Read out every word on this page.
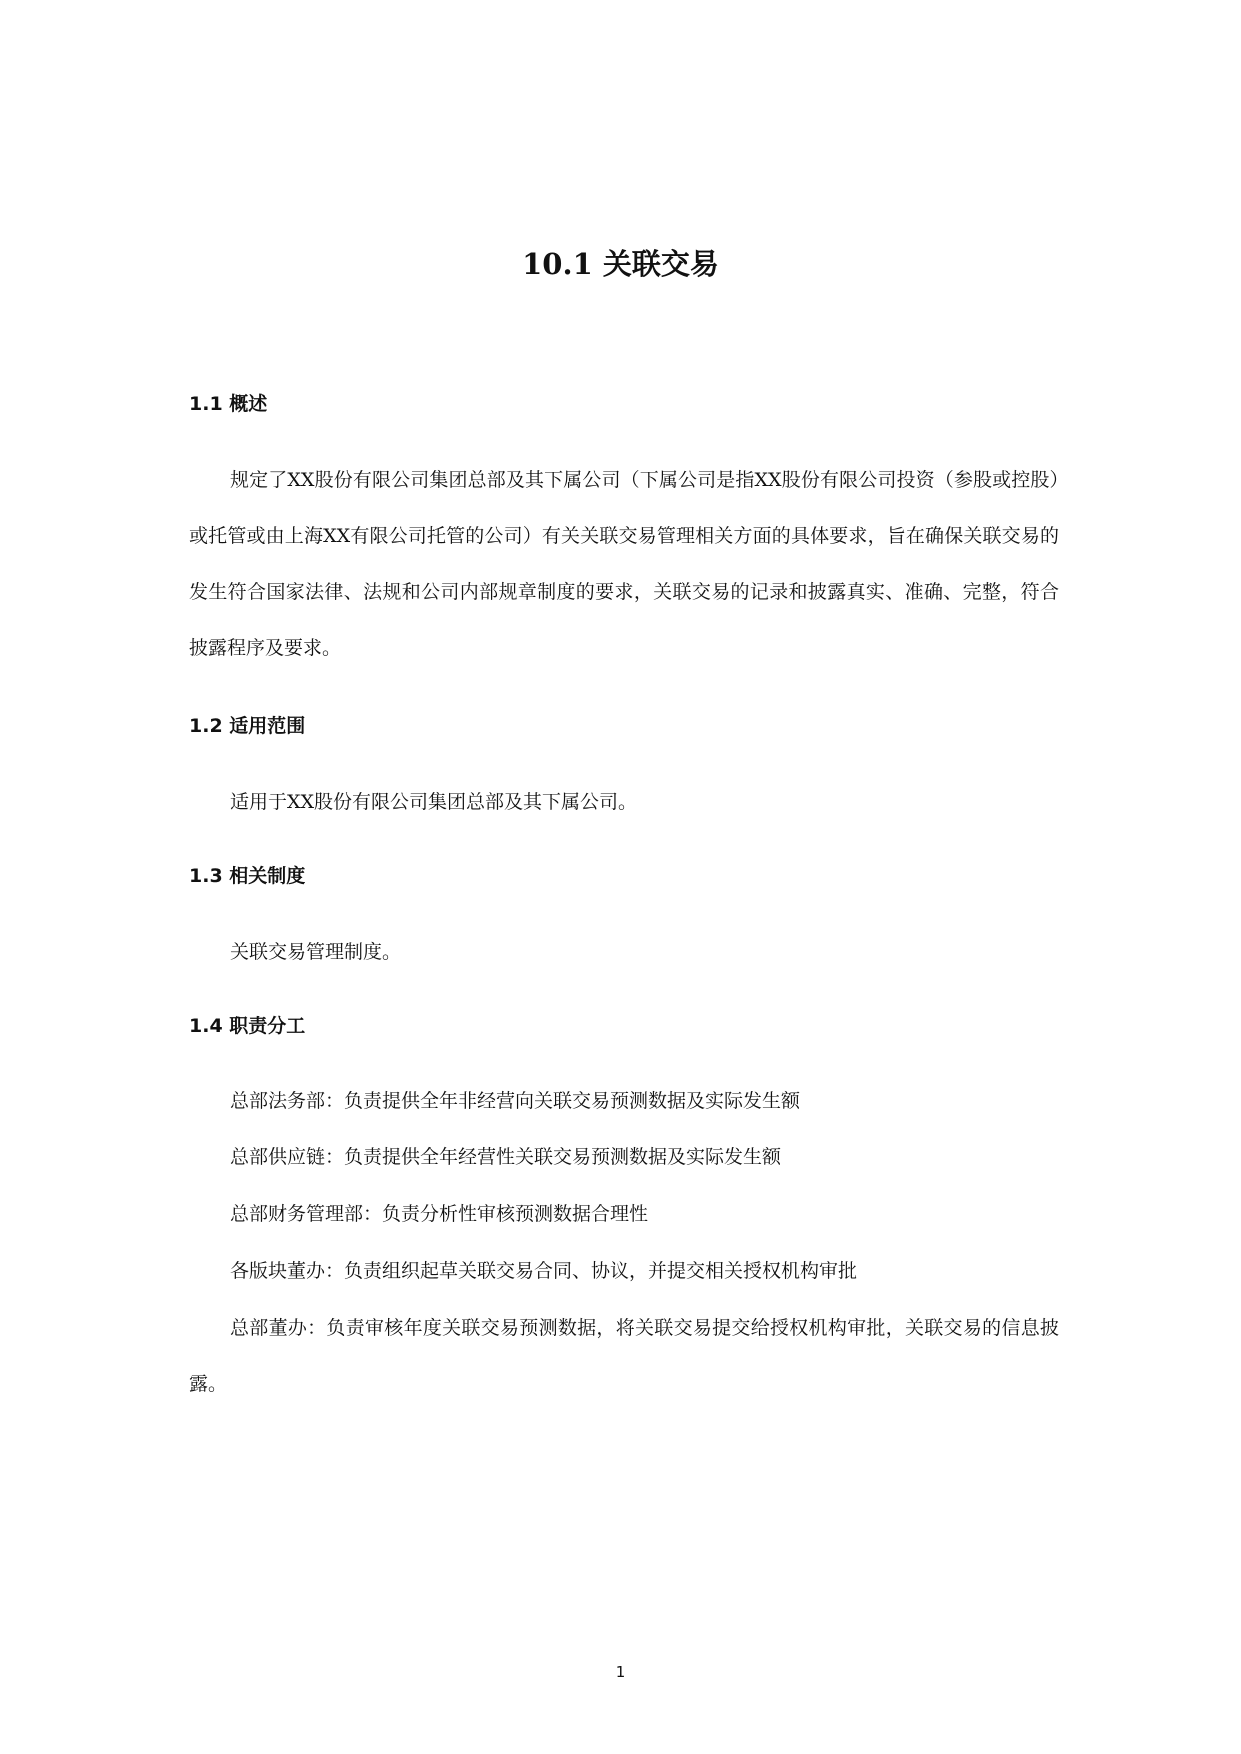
10.1 关联交易
1.1 概述
规定了XX股份有限公司集团总部及其下属公司（下属公司是指XX股份有限公司投资（参股或控股）或托管或由上海XX有限公司托管的公司）有关关联交易管理相关方面的具体要求，旨在确保关联交易的发生符合国家法律、法规和公司内部规章制度的要求，关联交易的记录和披露真实、准确、完整，符合披露程序及要求。
1.2 适用范围
适用于XX股份有限公司集团总部及其下属公司。
1.3 相关制度
关联交易管理制度。
1.4 职责分工
总部法务部：负责提供全年非经营向关联交易预测数据及实际发生额
总部供应链：负责提供全年经营性关联交易预测数据及实际发生额
总部财务管理部：负责分析性审核预测数据合理性
各版块董办：负责组织起草关联交易合同、协议，并提交相关授权机构审批
总部董办：负责审核年度关联交易预测数据，将关联交易提交给授权机构审批，关联交易的信息披露。
1
